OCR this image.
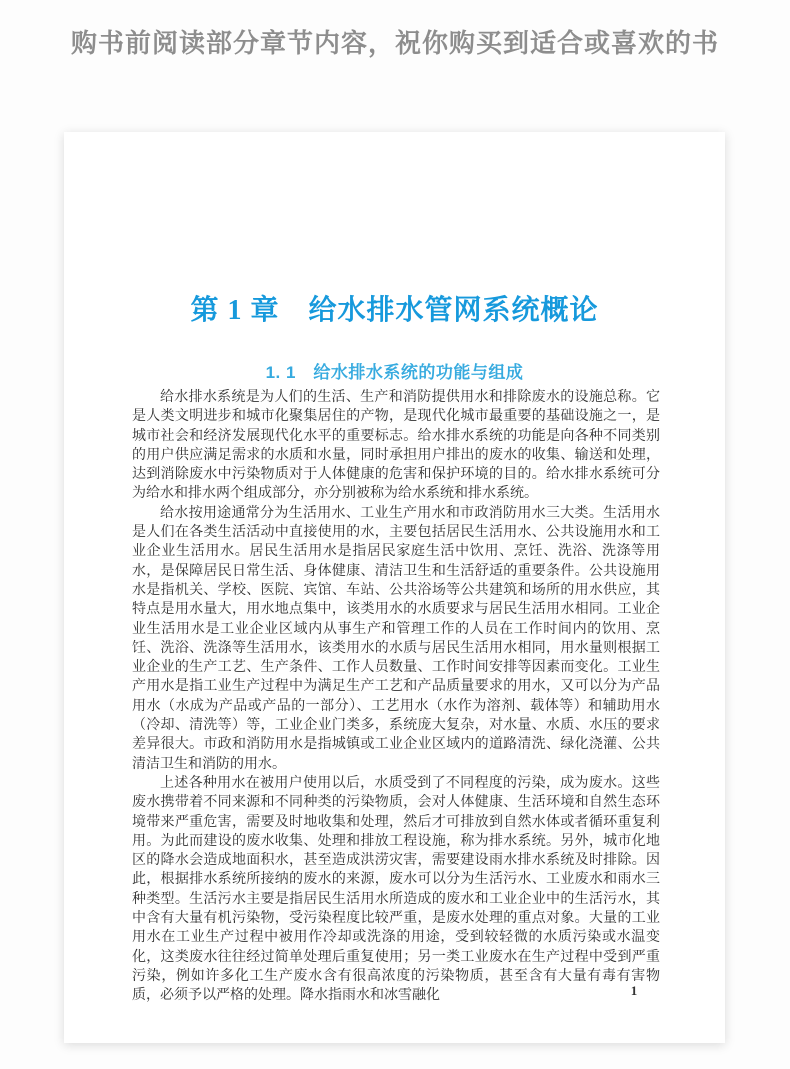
购书前阅读部分章节内容，祝你购买到适合或喜欢的书
第 1 章　给水排水管网系统概论
1. 1　给水排水系统的功能与组成

给水排水系统是为人们的生活、生产和消防提供用水和排除废水的设施总称。它是人类文明进步和城市化聚集居住的产物，是现代化城市最重要的基础设施之一，是城市社会和经济发展现代化水平的重要标志。给水排水系统的功能是向各种不同类别的用户供应满足需求的水质和水量，同时承担用户排出的废水的收集、输送和处理，达到消除废水中污染物质对于人体健康的危害和保护环境的目的。给水排水系统可分为给水和排水两个组成部分，亦分别被称为给水系统和排水系统。

给水按用途通常分为生活用水、工业生产用水和市政消防用水三大类。生活用水是人们在各类生活活动中直接使用的水，主要包括居民生活用水、公共设施用水和工业企业生活用水。居民生活用水是指居民家庭生活中饮用、烹饪、洗浴、洗涤等用水，是保障居民日常生活、身体健康、清洁卫生和生活舒适的重要条件。公共设施用水是指机关、学校、医院、宾馆、车站、公共浴场等公共建筑和场所的用水供应，其特点是用水量大，用水地点集中，该类用水的水质要求与居民生活用水相同。工业企业生活用水是工业企业区域内从事生产和管理工作的人员在工作时间内的饮用、烹饪、洗浴、洗涤等生活用水，该类用水的水质与居民生活用水相同，用水量则根据工业企业的生产工艺、生产条件、工作人员数量、工作时间安排等因素而变化。工业生产用水是指工业生产过程中为满足生产工艺和产品质量要求的用水，又可以分为产品用水（水成为产品或产品的一部分）、工艺用水（水作为溶剂、载体等）和辅助用水（冷却、清洗等）等，工业企业门类多，系统庞大复杂，对水量、水质、水压的要求差异很大。市政和消防用水是指城镇或工业企业区域内的道路清洗、绿化浇灌、公共清洁卫生和消防的用水。

上述各种用水在被用户使用以后，水质受到了不同程度的污染，成为废水。这些废水携带着不同来源和不同种类的污染物质，会对人体健康、生活环境和自然生态环境带来严重危害，需要及时地收集和处理，然后才可排放到自然水体或者循环重复利用。为此而建设的废水收集、处理和排放工程设施，称为排水系统。另外，城市化地区的降水会造成地面积水，甚至造成洪涝灾害，需要建设雨水排水系统及时排除。因此，根据排水系统所接纳的废水的来源，废水可以分为生活污水、工业废水和雨水三种类型。生活污水主要是指居民生活用水所造成的废水和工业企业中的生活污水，其中含有大量有机污染物，受污染程度比较严重，是废水处理的重点对象。大量的工业用水在工业生产过程中被用作冷却或洗涤的用途，受到较轻微的水质污染或水温变化，这类废水往往经过简单处理后重复使用；另一类工业废水在生产过程中受到严重污染，例如许多化工生产废水含有很高浓度的污染物质，甚至含有大量有毒有害物质，必须予以严格的处理。降水指雨水和冰雪融化	1
